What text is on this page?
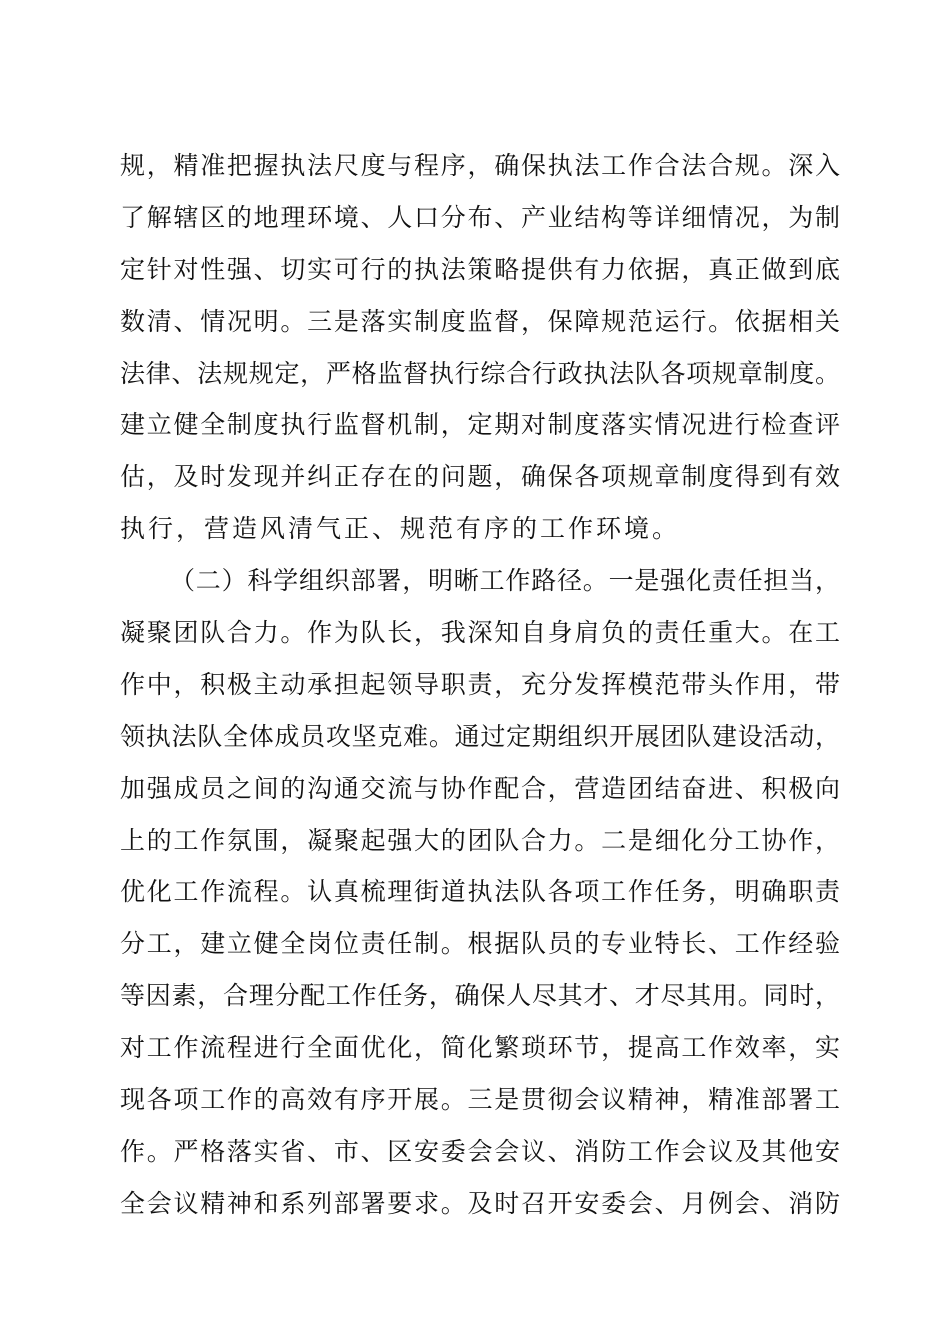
规，精准把握执法尺度与程序，确保执法工作合法合规。深入
了解辖区的地理环境、人口分布、产业结构等详细情况，为制
定针对性强、切实可行的执法策略提供有力依据，真正做到底
数清、情况明。三是落实制度监督，保障规范运行。依据相关
法律、法规规定，严格监督执行综合行政执法队各项规章制度。
建立健全制度执行监督机制，定期对制度落实情况进行检查评
估，及时发现并纠正存在的问题，确保各项规章制度得到有效
执行，营造风清气正、规范有序的工作环境。
（二）科学组织部署，明晰工作路径。一是强化责任担当，
凝聚团队合力。作为队长，我深知自身肩负的责任重大。在工
作中，积极主动承担起领导职责，充分发挥模范带头作用，带
领执法队全体成员攻坚克难。通过定期组织开展团队建设活动，
加强成员之间的沟通交流与协作配合，营造团结奋进、积极向
上的工作氛围，凝聚起强大的团队合力。二是细化分工协作，
优化工作流程。认真梳理街道执法队各项工作任务，明确职责
分工，建立健全岗位责任制。根据队员的专业特长、工作经验
等因素，合理分配工作任务，确保人尽其才、才尽其用。同时，
对工作流程进行全面优化，简化繁琐环节，提高工作效率，实
现各项工作的高效有序开展。三是贯彻会议精神，精准部署工
作。严格落实省、市、区安委会会议、消防工作会议及其他安
全会议精神和系列部署要求。及时召开安委会、月例会、消防
